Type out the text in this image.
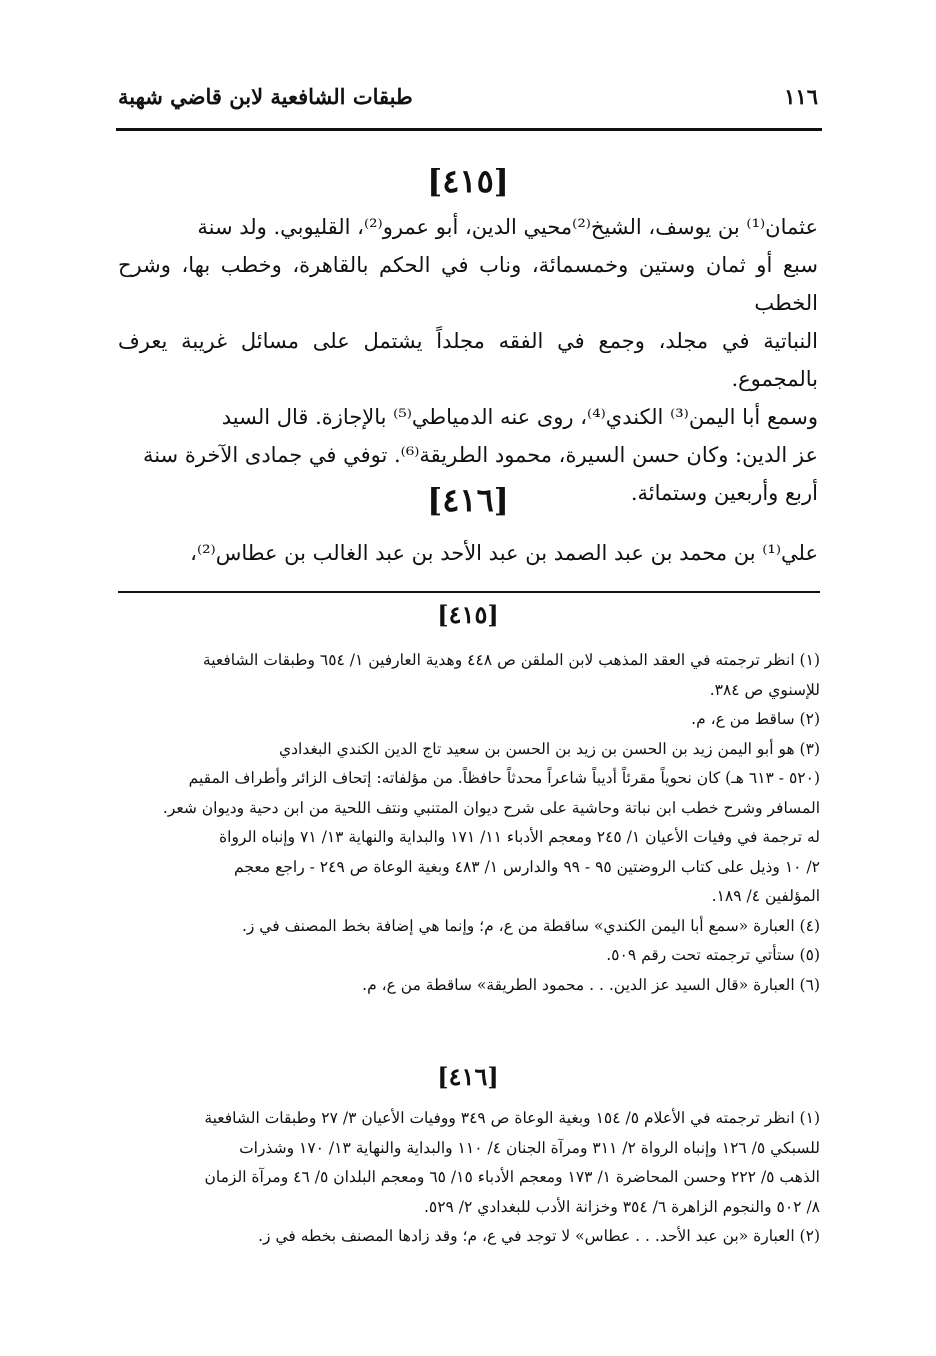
١١٦
طبقات الشافعية لابن قاضي شهبة
[٤١٥]

عثمان⁽¹⁾ بن يوسف، الشيخ⁽²⁾محيي الدين، أبو عمرو⁽²⁾، القليوبي. ولد سنة

سبع أو ثمان وستين وخمسمائة، وناب في الحكم بالقاهرة، وخطب بها، وشرح الخطب

النباتية في مجلد، وجمع في الفقه مجلداً يشتمل على مسائل غريبة يعرف بالمجموع.

وسمع أبا اليمن⁽³⁾ الكندي⁽⁴⁾، روى عنه الدمياطي⁽⁵⁾ بالإجازة. قال السيد

عز الدين: وكان حسن السيرة، محمود الطريقة⁽⁶⁾. توفي في جمادى الآخرة سنة

أربع وأربعين وستمائة.

[٤١٦]

علي⁽¹⁾ بن محمد بن عبد الصمد بن عبد الأحد بن عبد الغالب بن عطاس⁽²⁾،

[٤١٥]

(١) انظر ترجمته في العقد المذهب لابن الملقن ص ٤٤٨ وهدية العارفين ١/ ٦٥٤ وطبقات الشافعية

للإسنوي ص ٣٨٤.

(٢) ساقط من ع، م.

(٣) هو أبو اليمن زيد بن الحسن بن زيد بن الحسن بن سعيد تاج الدين الكندي البغدادي

(٥٢٠ - ٦١٣ هـ) كان نحوياً مقرئاً أديباً شاعراً محدثاً حافظاً. من مؤلفاته: إتحاف الزائر وأطراف المقيم

المسافر وشرح خطب ابن نباتة وحاشية على شرح ديوان المتنبي ونتف اللحية من ابن دحية وديوان شعر.

له ترجمة في وفيات الأعيان ١/ ٢٤٥ ومعجم الأدباء ١١/ ١٧١ والبداية والنهاية ١٣/ ٧١ وإنباه الرواة

٢/ ١٠ وذيل على كتاب الروضتين ٩٥ - ٩٩ والدارس ١/ ٤٨٣ وبغية الوعاة ص ٢٤٩ - راجع معجم

المؤلفين ٤/ ١٨٩.

(٤) العبارة «سمع أبا اليمن الكندي» ساقطة من ع، م؛ وإنما هي إضافة بخط المصنف في ز.

(٥) ستأتي ترجمته تحت رقم ٥٠٩.

(٦) العبارة «قال السيد عز الدين. . . محمود الطريقة» ساقطة من ع، م.

[٤١٦]

(١) انظر ترجمته في الأعلام ٥/ ١٥٤ وبغية الوعاة ص ٣٤٩ ووفيات الأعيان ٣/ ٢٧ وطبقات الشافعية

للسبكي ٥/ ١٢٦ وإنباه الرواة ٢/ ٣١١ ومرآة الجنان ٤/ ١١٠ والبداية والنهاية ١٣/ ١٧٠ وشذرات

الذهب ٥/ ٢٢٢ وحسن المحاضرة ١/ ١٧٣ ومعجم الأدباء ١٥/ ٦٥ ومعجم البلدان ٥/ ٤٦ ومرآة الزمان

٨/ ٥٠٢ والنجوم الزاهرة ٦/ ٣٥٤ وخزانة الأدب للبغدادي ٢/ ٥٢٩.

(٢) العبارة «بن عبد الأحد. . . عطاس» لا توجد في ع، م؛ وقد زادها المصنف بخطه في ز.
